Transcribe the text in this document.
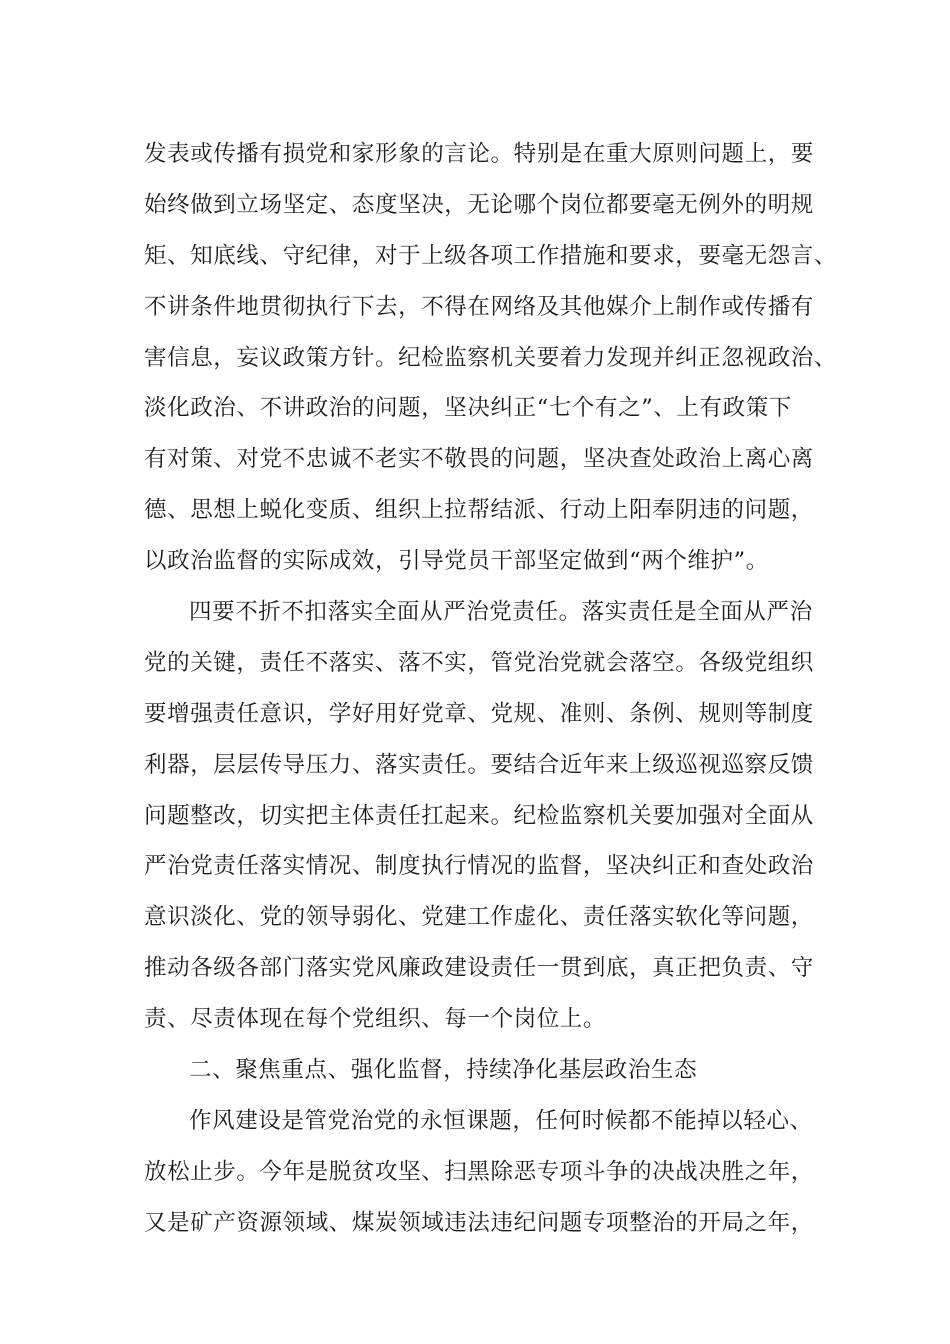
发表或传播有损党和家形象的言论。特别是在重大原则问题上，要
始终做到立场坚定、态度坚决，无论哪个岗位都要毫无例外的明规
矩、知底线、守纪律，对于上级各项工作措施和要求，要毫无怨言、
不讲条件地贯彻执行下去，不得在网络及其他媒介上制作或传播有
害信息，妄议政策方针。纪检监察机关要着力发现并纠正忽视政治、
淡化政治、不讲政治的问题，坚决纠正“七个有之”、上有政策下
有对策、对党不忠诚不老实不敬畏的问题，坚决查处政治上离心离
德、思想上蜕化变质、组织上拉帮结派、行动上阳奉阴违的问题，
以政治监督的实际成效，引导党员干部坚定做到“两个维护”。
四要不折不扣落实全面从严治党责任。落实责任是全面从严治
党的关键，责任不落实、落不实，管党治党就会落空。各级党组织
要增强责任意识，学好用好党章、党规、准则、条例、规则等制度
利器，层层传导压力、落实责任。要结合近年来上级巡视巡察反馈
问题整改，切实把主体责任扛起来。纪检监察机关要加强对全面从
严治党责任落实情况、制度执行情况的监督，坚决纠正和查处政治
意识淡化、党的领导弱化、党建工作虚化、责任落实软化等问题，
推动各级各部门落实党风廉政建设责任一贯到底，真正把负责、守
责、尽责体现在每个党组织、每一个岗位上。
二、聚焦重点、强化监督，持续净化基层政治生态
作风建设是管党治党的永恒课题，任何时候都不能掉以轻心、
放松止步。今年是脱贫攻坚、扫黑除恶专项斗争的决战决胜之年，
又是矿产资源领域、煤炭领域违法违纪问题专项整治的开局之年，
